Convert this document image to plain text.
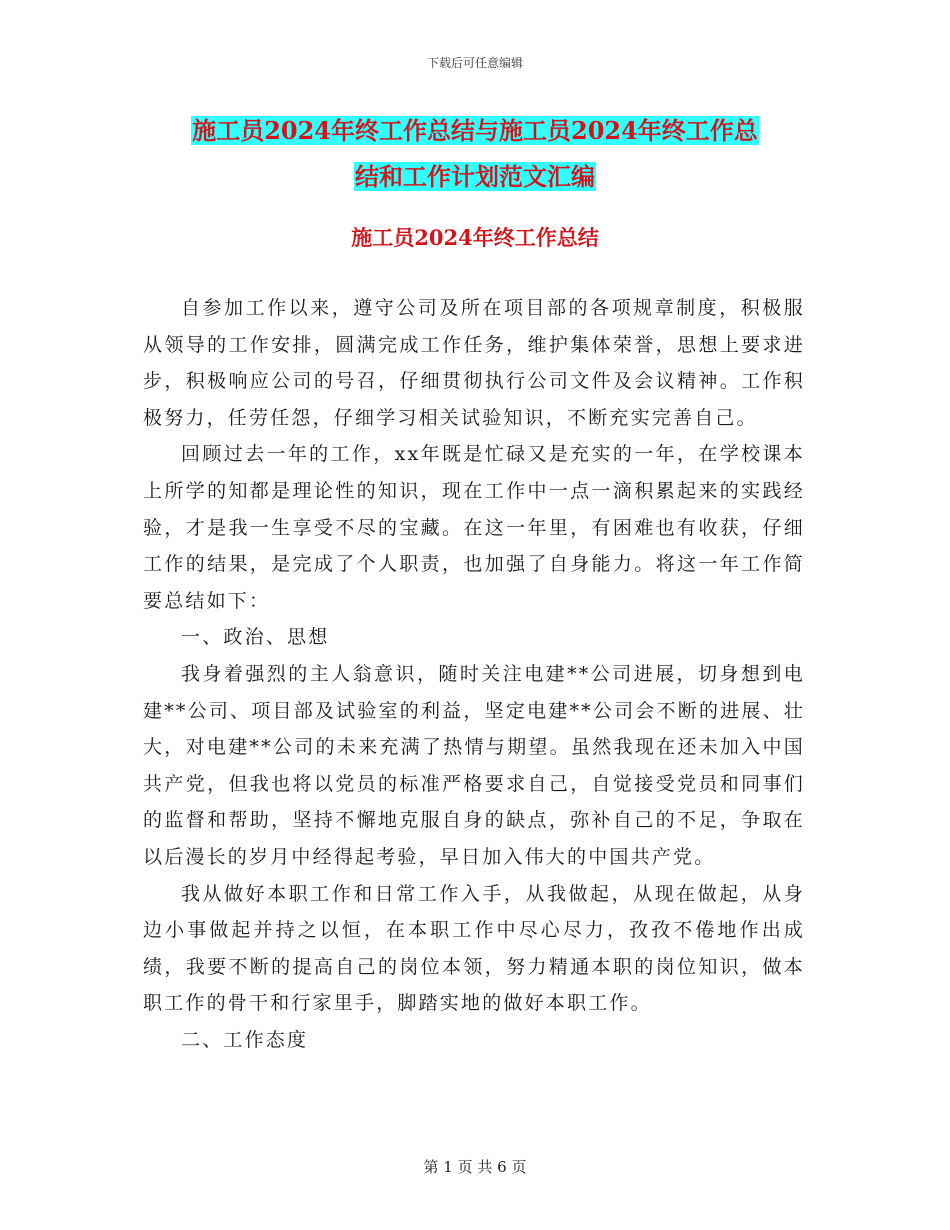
下载后可任意编辑
施工员2024年终工作总结与施工员2024年终工作总
结和工作计划范文汇编
施工员2024年终工作总结

自参加工作以来，遵守公司及所在项目部的各项规章制度，积极服从领导的工作安排，圆满完成工作任务，维护集体荣誉，思想上要求进步，积极响应公司的号召，仔细贯彻执行公司文件及会议精神。工作积极努力，任劳任怨，仔细学习相关试验知识，不断充实完善自己。

回顾过去一年的工作，xx年既是忙碌又是充实的一年，在学校课本上所学的知都是理论性的知识，现在工作中一点一滴积累起来的实践经验，才是我一生享受不尽的宝藏。在这一年里，有困难也有收获，仔细工作的结果，是完成了个人职责，也加强了自身能力。将这一年工作简要总结如下：

一、政治、思想

我身着强烈的主人翁意识，随时关注电建**公司进展，切身想到电建**公司、项目部及试验室的利益，坚定电建**公司会不断的进展、壮大，对电建**公司的未来充满了热情与期望。虽然我现在还未加入中国共产党，但我也将以党员的标准严格要求自己，自觉接受党员和同事们的监督和帮助，坚持不懈地克服自身的缺点，弥补自己的不足，争取在以后漫长的岁月中经得起考验，早日加入伟大的中国共产党。

我从做好本职工作和日常工作入手，从我做起，从现在做起，从身边小事做起并持之以恒，在本职工作中尽心尽力，孜孜不倦地作出成绩，我要不断的提高自己的岗位本领，努力精通本职的岗位知识，做本职工作的骨干和行家里手，脚踏实地的做好本职工作。

二、工作态度

第 1 页 共 6 页
